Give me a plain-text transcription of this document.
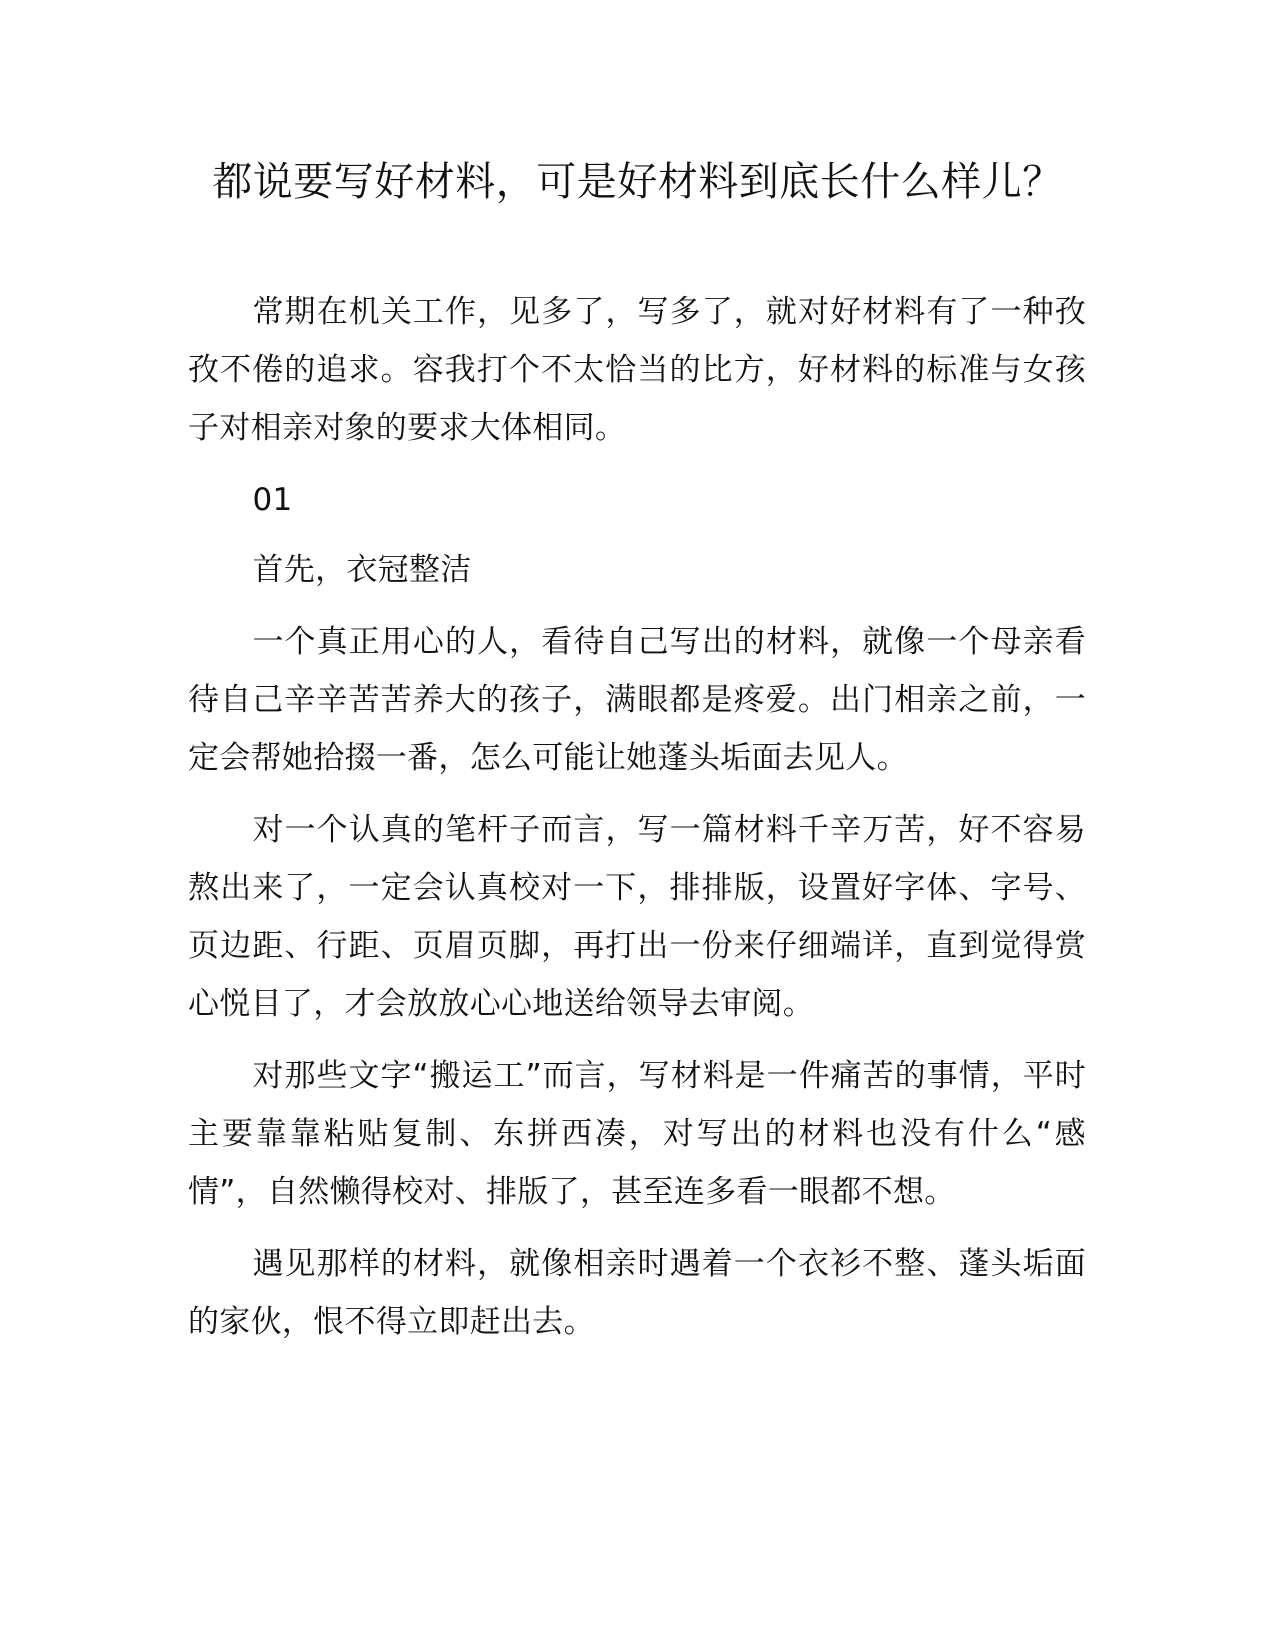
都说要写好材料，可是好材料到底长什么样儿？

常期在机关工作，见多了，写多了，就对好材料有了一种孜孜不倦的追求。容我打个不太恰当的比方，好材料的标准与女孩子对相亲对象的要求大体相同。

01

首先，衣冠整洁

一个真正用心的人，看待自己写出的材料，就像一个母亲看待自己辛辛苦苦养大的孩子，满眼都是疼爱。出门相亲之前，一定会帮她拾掇一番，怎么可能让她蓬头垢面去见人。

对一个认真的笔杆子而言，写一篇材料千辛万苦，好不容易熬出来了，一定会认真校对一下，排排版，设置好字体、字号、页边距、行距、页眉页脚，再打出一份来仔细端详，直到觉得赏心悦目了，才会放放心心地送给领导去审阅。

对那些文字“搬运工”而言，写材料是一件痛苦的事情，平时主要靠靠粘贴复制、东拼西凑，对写出的材料也没有什么“感情”，自然懒得校对、排版了，甚至连多看一眼都不想。

遇见那样的材料，就像相亲时遇着一个衣衫不整、蓬头垢面的家伙，恨不得立即赶出去。
